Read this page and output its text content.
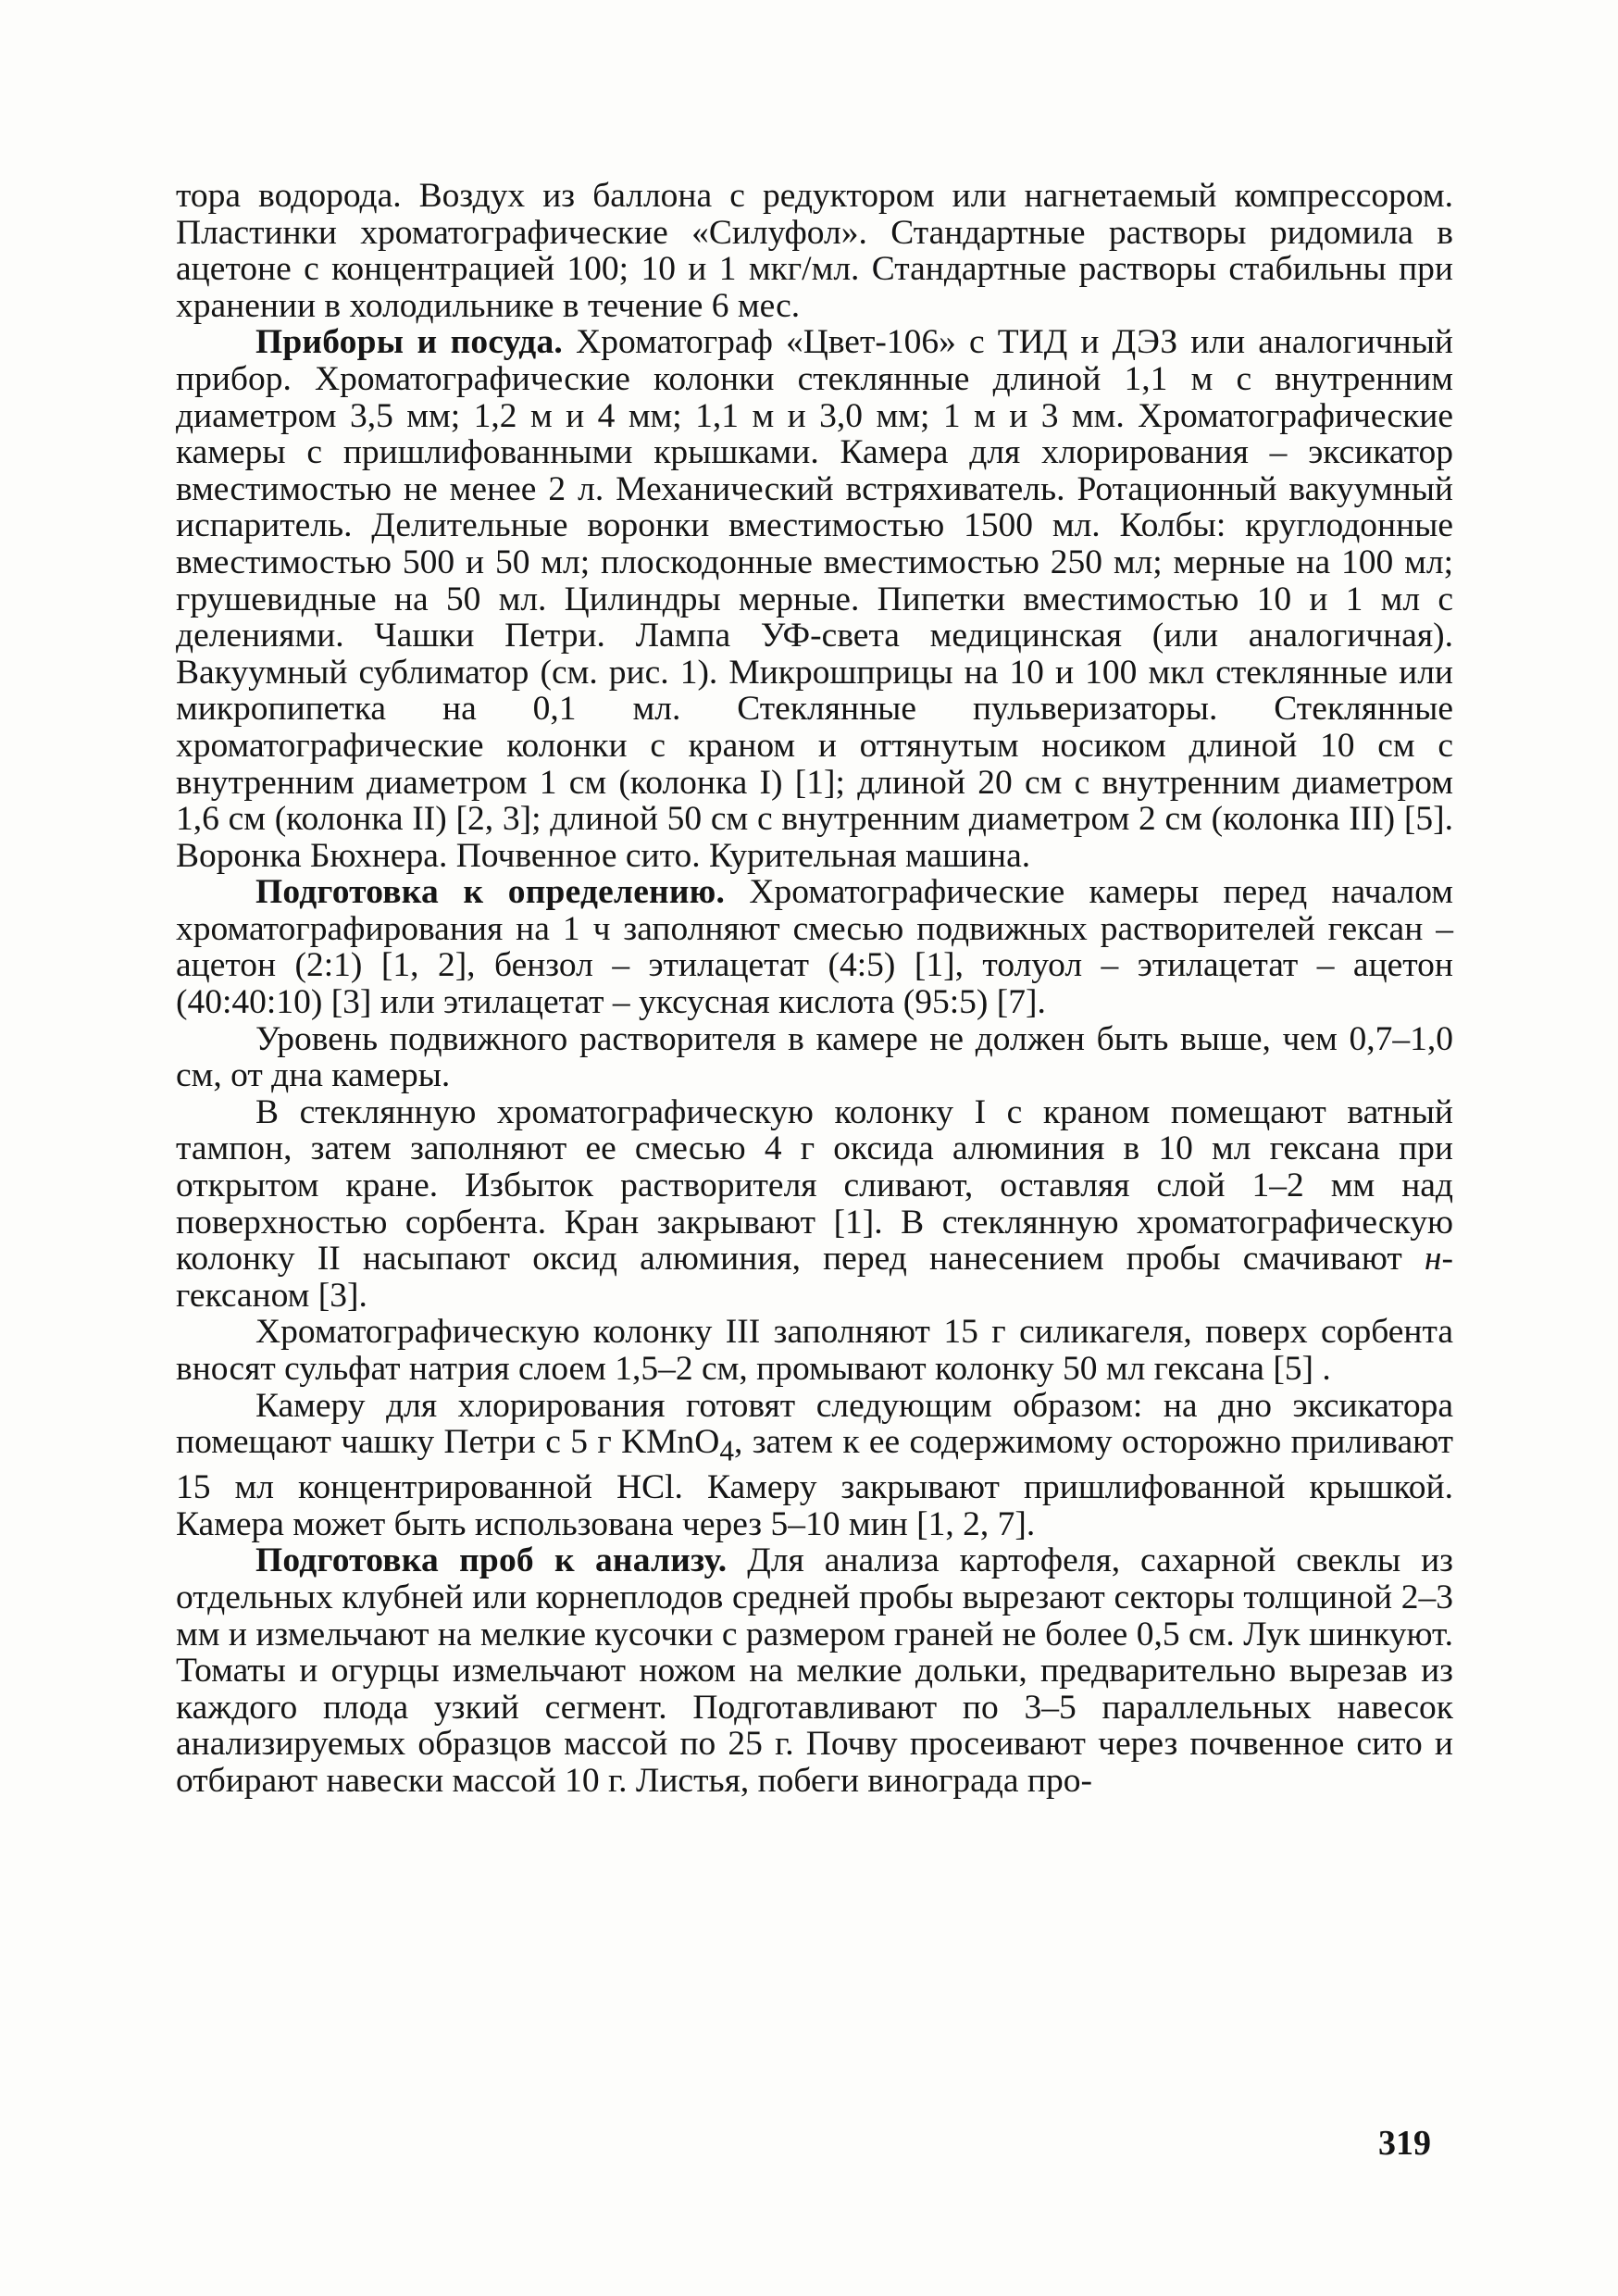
тора водорода. Воздух из баллона с редуктором или нагнетаемый компрессором. Пластинки хроматографические «Силуфол». Стандартные растворы ридомила в ацетоне с концентрацией 100; 10 и 1 мкг/мл. Стандартные растворы стабильны при хранении в холодильнике в течение 6 мес.

Приборы и посуда. Хроматограф «Цвет-106» с ТИД и ДЭЗ или аналогичный прибор. Хроматографические колонки стеклянные длиной 1,1 м с внутренним диаметром 3,5 мм; 1,2 м и 4 мм; 1,1 м и 3,0 мм; 1 м и 3 мм. Хроматографические камеры с пришлифованными крышками. Камера для хлорирования – эксикатор вместимостью не менее 2 л. Механический встряхиватель. Ротационный вакуумный испаритель. Делительные воронки вместимостью 1500 мл. Колбы: круглодонные вместимостью 500 и 50 мл; плоскодонные вместимостью 250 мл; мерные на 100 мл; грушевидные на 50 мл. Цилиндры мерные. Пипетки вместимостью 10 и 1 мл с делениями. Чашки Петри. Лампа УФ-света медицинская (или аналогичная). Вакуумный сублиматор (см. рис. 1). Микрошприцы на 10 и 100 мкл стеклянные или микропипетка на 0,1 мл. Стеклянные пульверизаторы. Стеклянные хроматографические колонки с краном и оттянутым носиком длиной 10 см с внутренним диаметром 1 см (колонка I) [1]; длиной 20 см с внутренним диаметром 1,6 см (колонка II) [2, 3]; длиной 50 см с внутренним диаметром 2 см (колонка III) [5]. Воронка Бюхнера. Почвенное сито. Курительная машина.

Подготовка к определению. Хроматографические камеры перед началом хроматографирования на 1 ч заполняют смесью подвижных растворителей гексан – ацетон (2:1) [1, 2], бензол – этилацетат (4:5) [1], толуол – этилацетат – ацетон (40:40:10) [3] или этилацетат – уксусная кислота (95:5) [7].

Уровень подвижного растворителя в камере не должен быть выше, чем 0,7–1,0 см, от дна камеры.

В стеклянную хроматографическую колонку I с краном помещают ватный тампон, затем заполняют ее смесью 4 г оксида алюминия в 10 мл гексана при открытом кране. Избыток растворителя сливают, оставляя слой 1–2 мм над поверхностью сорбента. Кран закрывают [1]. В стеклянную хроматографическую колонку II насыпают оксид алюминия, перед нанесением пробы смачивают н-гексаном [3].

Хроматографическую колонку III заполняют 15 г силикагеля, поверх сорбента вносят сульфат натрия слоем 1,5–2 см, промывают колонку 50 мл гексана [5] .

Камеру для хлорирования готовят следующим образом: на дно эксикатора помещают чашку Петри с 5 г KMnO$_4$, затем к ее содержимому осторожно приливают 15 мл концентрированной HCl. Камеру закрывают пришлифованной крышкой. Камера может быть использована через 5–10 мин [1, 2, 7].

Подготовка проб к анализу. Для анализа картофеля, сахарной свеклы из отдельных клубней или корнеплодов средней пробы вырезают секторы толщиной 2–3 мм и измельчают на мелкие кусочки с размером граней не более 0,5 см. Лук шинкуют. Томаты и огурцы измельчают ножом на мелкие дольки, предварительно вырезав из каждого плода узкий сегмент. Подготавливают по 3–5 параллельных навесок анализируемых образцов массой по 25 г. Почву просеивают через почвенное сито и отбирают навески массой 10 г. Листья, побеги винограда про-

319
